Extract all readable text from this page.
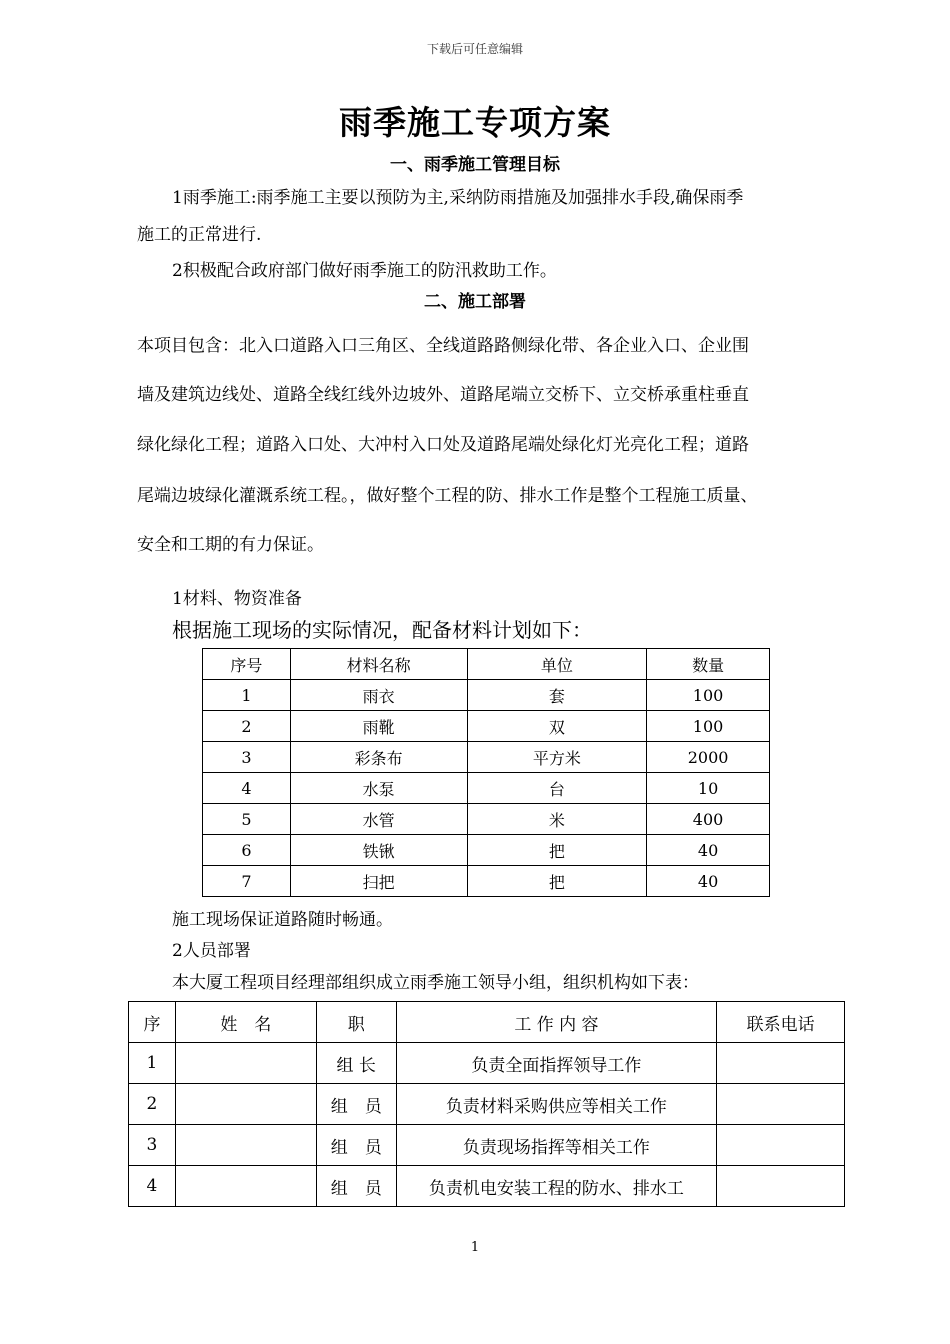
下载后可任意编辑
雨季施工专项方案
一、雨季施工管理目标
1雨季施工:雨季施工主要以预防为主,采纳防雨措施及加强排水手段,确保雨季
施工的正常进行.
2积极配合政府部门做好雨季施工的防汛救助工作。
二、施工部署
本项目包含：北入口道路入口三角区、全线道路路侧绿化带、各企业入口、企业围
墙及建筑边线处、道路全线红线外边坡外、道路尾端立交桥下、立交桥承重柱垂直
绿化绿化工程；道路入口处、大冲村入口处及道路尾端处绿化灯光亮化工程；道路
尾端边坡绿化灌溉系统工程。，做好整个工程的防、排水工作是整个工程施工质量、
安全和工期的有力保证。
1材料、物资准备
根据施工现场的实际情况，配备材料计划如下：
序号	材料名称	单位	数量
1	雨衣	套	100
2	雨靴	双	100
3	彩条布	平方米	2000
4	水泵	台	10
5	水管	米	400
6	铁锹	把	40
7	扫把	把	40
施工现场保证道路随时畅通。
2人员部署
本大厦工程项目经理部组织成立雨季施工领导小组，组织机构如下表：
序	姓　名	职	工 作 内 容	联系电话
1		组 长	负责全面指挥领导工作	
2		组　员	负责材料采购供应等相关工作	
3		组　员	负责现场指挥等相关工作	
4		组　员	负责机电安装工程的防水、排水工	
1
